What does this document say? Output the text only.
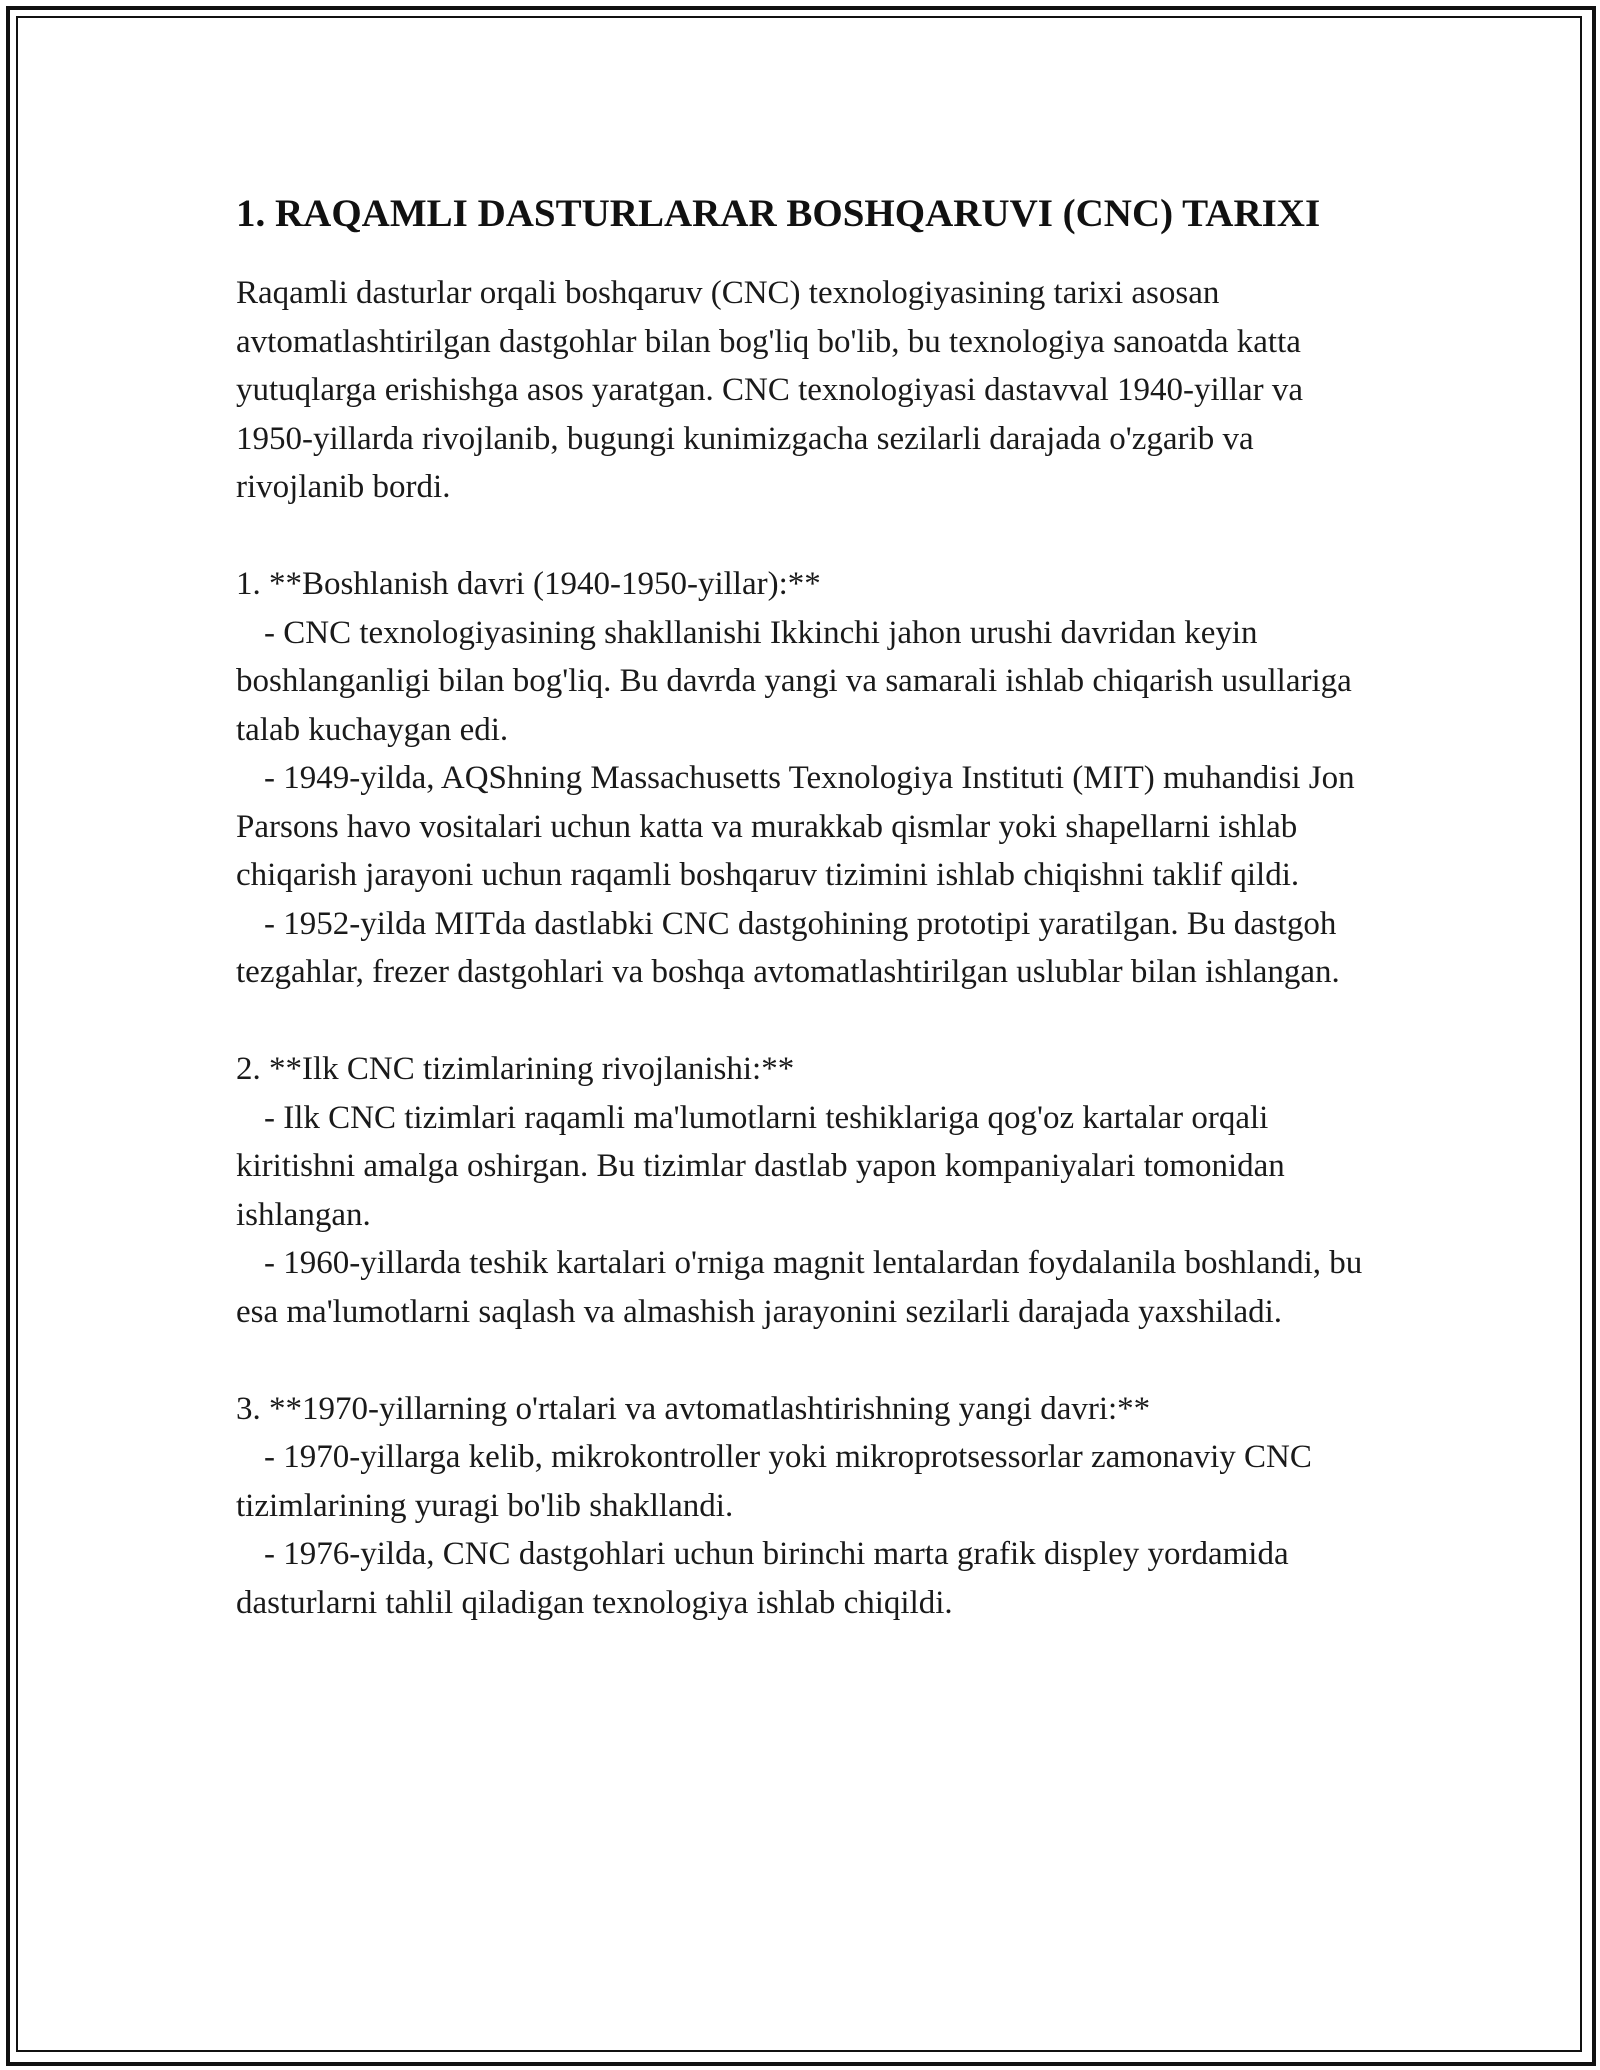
1. RAQAMLI DASTURLARAR BOSHQARUVI (CNC) TARIXI

Raqamli dasturlar orqali boshqaruv (CNC) texnologiyasining tarixi asosan avtomatlashtirilgan dastgohlar bilan bog'liq bo'lib, bu texnologiya sanoatda katta yutuqlarga erishishga asos yaratgan. CNC texnologiyasi dastavval 1940-yillar va 1950-yillarda rivojlanib, bugungi kunimizgacha sezilarli darajada o'zgarib va rivojlanib bordi.

1. **Boshlanish davri (1940-1950-yillar):**

- CNC texnologiyasining shakllanishi Ikkinchi jahon urushi davridan keyin boshlanganligi bilan bog'liq. Bu davrda yangi va samarali ishlab chiqarish usullariga talab kuchaygan edi.

- 1949-yilda, AQShning Massachusetts Texnologiya Instituti (MIT) muhandisi Jon Parsons havo vositalari uchun katta va murakkab qismlar yoki shapellarni ishlab chiqarish jarayoni uchun raqamli boshqaruv tizimini ishlab chiqishni taklif qildi.

- 1952-yilda MITda dastlabki CNC dastgohining prototipi yaratilgan. Bu dastgoh tezgahlar, frezer dastgohlari va boshqa avtomatlashtirilgan uslublar bilan ishlangan.

2. **Ilk CNC tizimlarining rivojlanishi:**

- Ilk CNC tizimlari raqamli ma'lumotlarni teshiklariga qog'oz kartalar orqali kiritishni amalga oshirgan. Bu tizimlar dastlab yapon kompaniyalari tomonidan ishlangan.

- 1960-yillarda teshik kartalari o'rniga magnit lentalardan foydalanila boshlandi, bu esa ma'lumotlarni saqlash va almashish jarayonini sezilarli darajada yaxshiladi.

3. **1970-yillarning o'rtalari va avtomatlashtirishning yangi davri:**

- 1970-yillarga kelib, mikrokontroller yoki mikroprotsessorlar zamonaviy CNC tizimlarining yuragi bo'lib shakllandi.

- 1976-yilda, CNC dastgohlari uchun birinchi marta grafik displey yordamida dasturlarni tahlil qiladigan texnologiya ishlab chiqildi.
